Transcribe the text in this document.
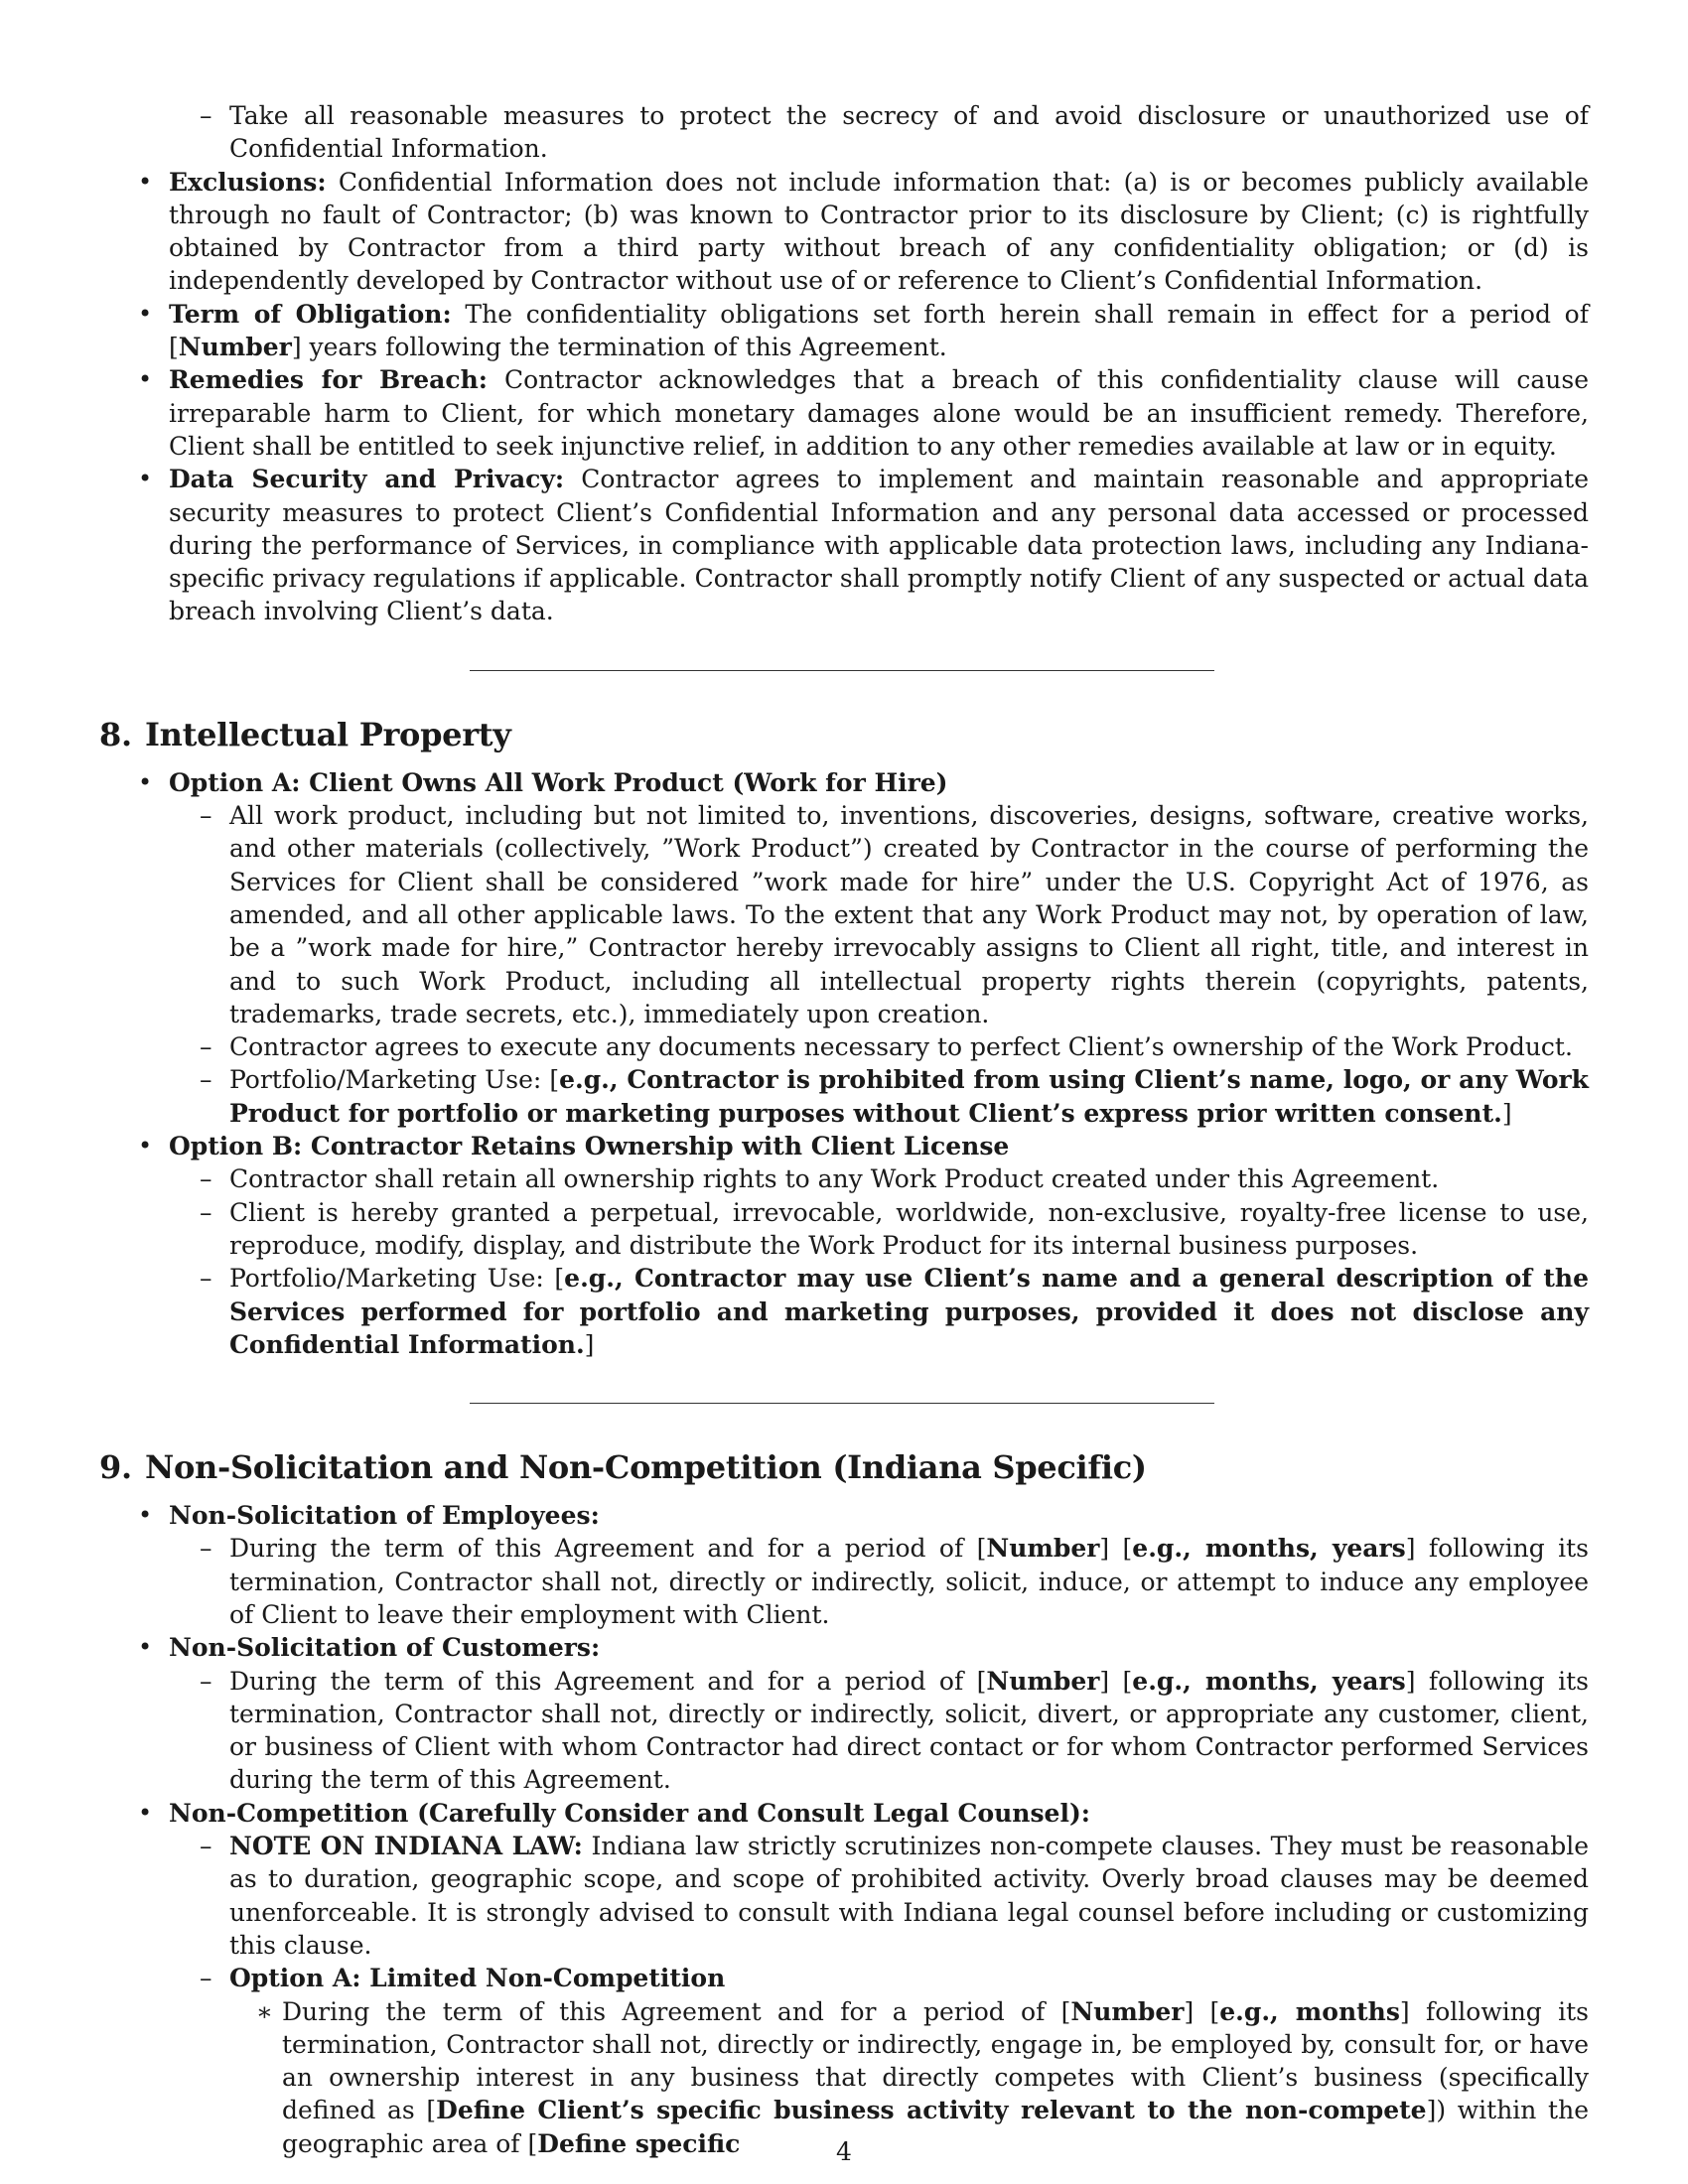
– Take all reasonable measures to protect the secrecy of and avoid disclosure or unauthorized use of Confidential Information.
• Exclusions: Confidential Information does not include information that: (a) is or becomes publicly available through no fault of Contractor; (b) was known to Contractor prior to its disclosure by Client; (c) is rightfully obtained by Contractor from a third party without breach of any confidentiality obligation; or (d) is independently developed by Contractor without use of or reference to Client’s Confidential Information.
• Term of Obligation: The confidentiality obligations set forth herein shall remain in effect for a period of [Number] years following the termination of this Agreement.
• Remedies for Breach: Contractor acknowledges that a breach of this confidentiality clause will cause irreparable harm to Client, for which monetary damages alone would be an insufficient remedy. Therefore, Client shall be entitled to seek injunctive relief, in addition to any other remedies available at law or in equity.
• Data Security and Privacy: Contractor agrees to implement and maintain reasonable and appropriate security measures to protect Client’s Confidential Information and any personal data accessed or processed during the performance of Services, in compliance with applicable data protection laws, including any Indiana-specific privacy regulations if applicable. Contractor shall promptly notify Client of any suspected or actual data breach involving Client’s data.
8. Intellectual Property
• Option A: Client Owns All Work Product (Work for Hire)
– All work product, including but not limited to, inventions, discoveries, designs, software, creative works, and other materials (collectively, ”Work Product”) created by Contractor in the course of performing the Services for Client shall be considered ”work made for hire” under the U.S. Copyright Act of 1976, as amended, and all other applicable laws. To the extent that any Work Product may not, by operation of law, be a ”work made for hire,” Contractor hereby irrevocably assigns to Client all right, title, and interest in and to such Work Product, including all intellectual property rights therein (copyrights, patents, trademarks, trade secrets, etc.), immediately upon creation.
– Contractor agrees to execute any documents necessary to perfect Client’s ownership of the Work Product.
– Portfolio/Marketing Use: [e.g., Contractor is prohibited from using Client’s name, logo, or any Work Product for portfolio or marketing purposes without Client’s express prior written consent.]
• Option B: Contractor Retains Ownership with Client License
– Contractor shall retain all ownership rights to any Work Product created under this Agreement.
– Client is hereby granted a perpetual, irrevocable, worldwide, non-exclusive, royalty-free license to use, reproduce, modify, display, and distribute the Work Product for its internal business purposes.
– Portfolio/Marketing Use: [e.g., Contractor may use Client’s name and a general description of the Services performed for portfolio and marketing purposes, provided it does not disclose any Confidential Information.]
9. Non-Solicitation and Non-Competition (Indiana Specific)
• Non-Solicitation of Employees:
– During the term of this Agreement and for a period of [Number] [e.g., months, years] following its termination, Contractor shall not, directly or indirectly, solicit, induce, or attempt to induce any employee of Client to leave their employment with Client.
• Non-Solicitation of Customers:
– During the term of this Agreement and for a period of [Number] [e.g., months, years] following its termination, Contractor shall not, directly or indirectly, solicit, divert, or appropriate any customer, client, or business of Client with whom Contractor had direct contact or for whom Contractor performed Services during the term of this Agreement.
• Non-Competition (Carefully Consider and Consult Legal Counsel):
– NOTE ON INDIANA LAW: Indiana law strictly scrutinizes non-compete clauses. They must be reasonable as to duration, geographic scope, and scope of prohibited activity. Overly broad clauses may be deemed unenforceable. It is strongly advised to consult with Indiana legal counsel before including or customizing this clause.
– Option A: Limited Non-Competition
∗ During the term of this Agreement and for a period of [Number] [e.g., months] following its termination, Contractor shall not, directly or indirectly, engage in, be employed by, consult for, or have an ownership interest in any business that directly competes with Client’s business (specifically defined as [Define Client’s specific business activity relevant to the non-compete]) within the geographic area of [Define specific	4
